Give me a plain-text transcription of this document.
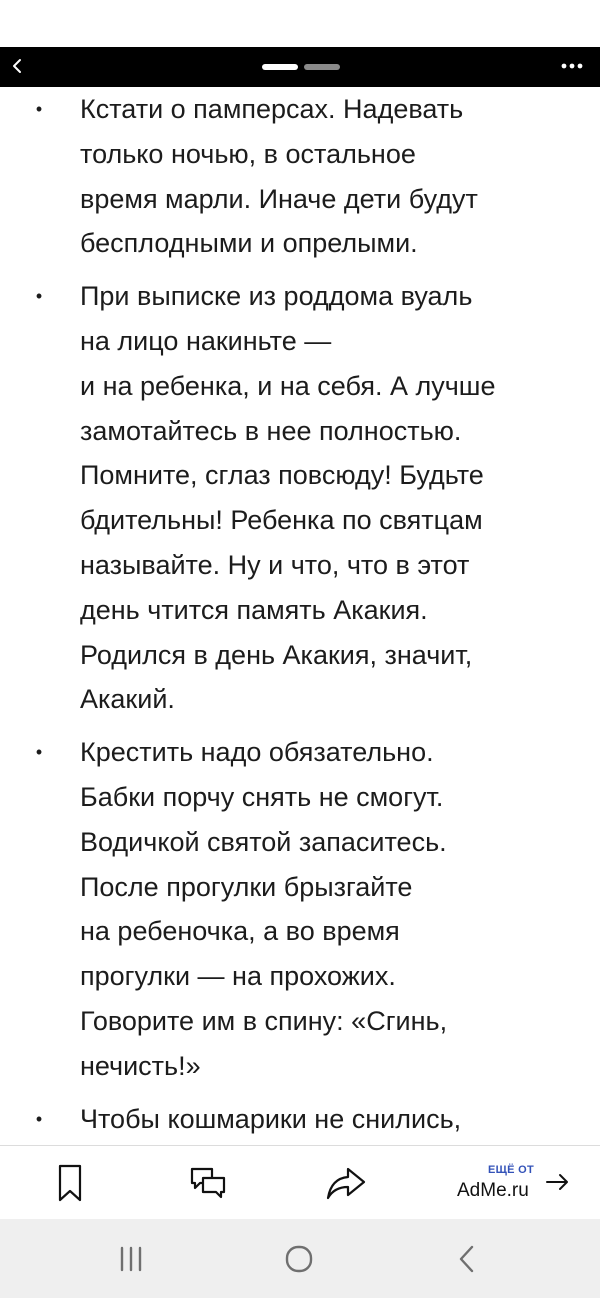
• Кстати о памперсах. Надевать
только ночью, в остальное
время марли. Иначе дети будут
бесплодными и опрелыми.
• При выписке из роддома вуаль
на лицо накиньте —
и на ребенка, и на себя. А лучше
замотайтесь в нее полностью.
Помните, сглаз повсюду! Будьте
бдительны! Ребенка по святцам
называйте. Ну и что, что в этот
день чтится память Акакия.
Родился в день Акакия, значит,
Акакий.
• Крестить надо обязательно.
Бабки порчу снять не смогут.
Водичкой святой запаситесь.
После прогулки брызгайте
на ребеночка, а во время
прогулки — на прохожих.
Говорите им в спину: «Сгинь,
нечисть!»
• Чтобы кошмарики не снились,
ЕЩЁ ОТ
AdMe.ru
